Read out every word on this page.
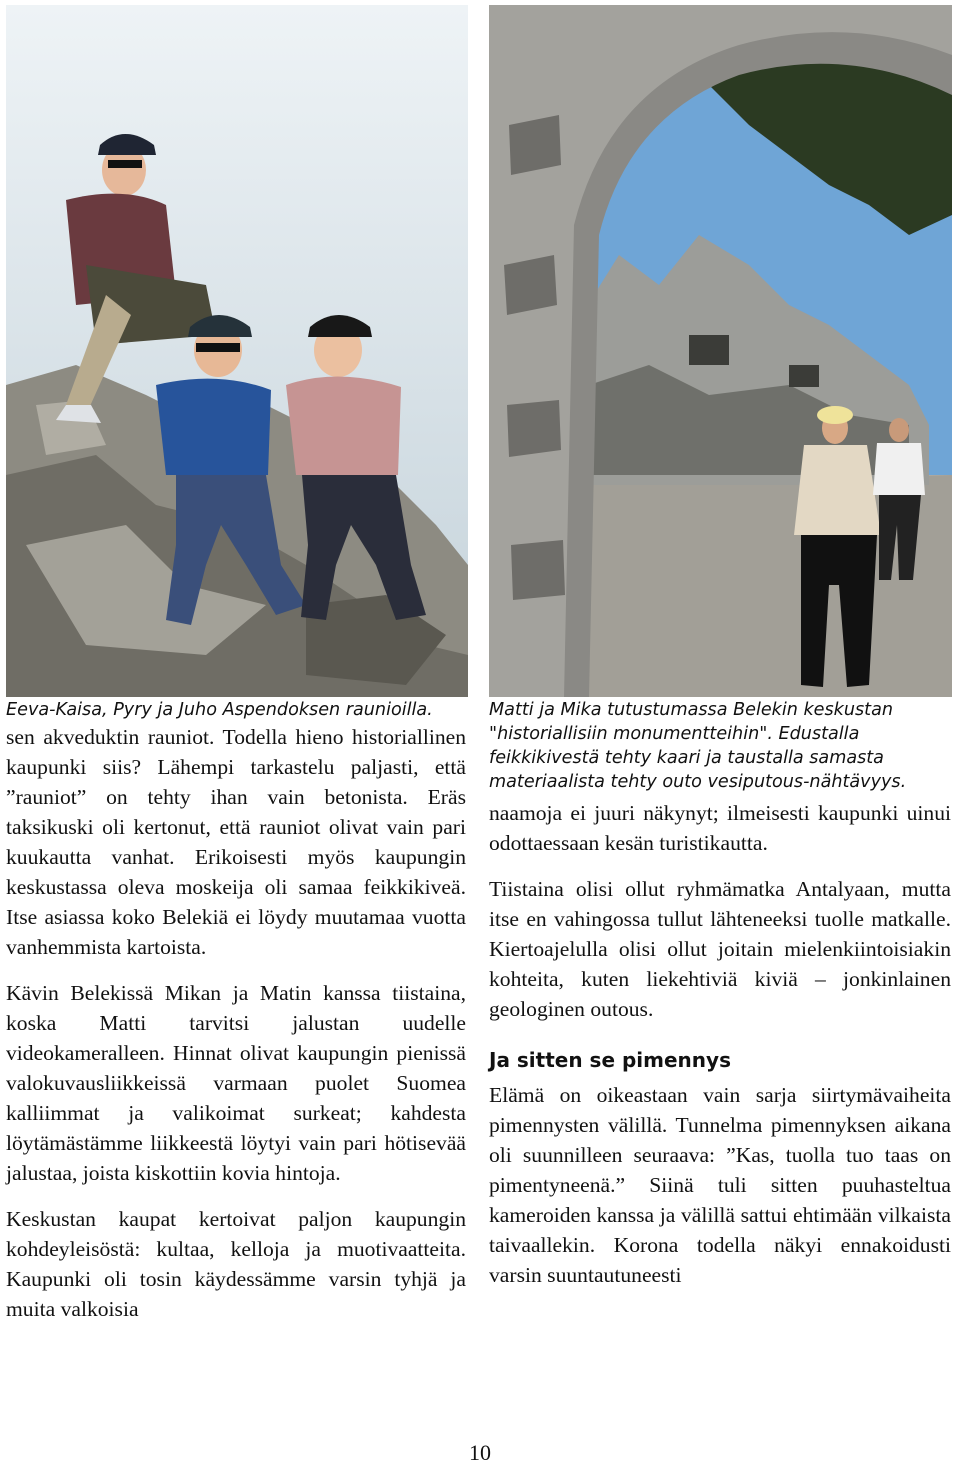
Eeva-Kaisa, Pyry ja Juho Aspendoksen raunioilla.

sen akveduktin rauniot. Todella hieno historiallinen kaupunki siis? Lähempi tarkastelu paljasti, että ”rauniot” on tehty ihan vain betonista. Eräs taksikuski oli kertonut, että rauniot olivat vain pari kuukautta vanhat. Erikoisesti myös kaupungin keskustassa oleva moskeija oli samaa feikkikiveä. Itse asiassa koko Belekiä ei löydy muutamaa vuotta vanhemmista kartoista.

Kävin Belekissä Mikan ja Matin kanssa tiistaina, koska Matti tarvitsi jalustan uudelle videokameralleen. Hinnat olivat kaupungin pienissä valokuvausliikkeissä varmaan puolet Suomea kalliimmat ja valikoimat surkeat; kahdesta löytämästämme liikkeestä löytyi vain pari hötisevää jalustaa, joista kiskottiin kovia hintoja.

Keskustan kaupat kertoivat paljon kaupungin kohdeyleisöstä: kultaa, kelloja ja muotivaatteita. Kaupunki oli tosin käydessämme varsin tyhjä ja muita valkoisia

Matti ja Mika tutustumassa Belekin keskustan "historiallisiin monumentteihin". Edustalla feikkikivestä tehty kaari ja taustalla samasta materiaalista tehty outo vesiputous-nähtävyys.

naamoja ei juuri näkynyt; ilmeisesti kaupunki uinui odottaessaan kesän turistikautta.

Tiistaina olisi ollut ryhmämatka Antalyaan, mutta itse en vahingossa tullut lähteneeksi tuolle matkalle. Kiertoajelulla olisi ollut joitain mielenkiintoisiakin kohteita, kuten liekehtiviä kiviä – jonkinlainen geologinen outous.

Ja sitten se pimennys

Elämä on oikeastaan vain sarja siirtymävaiheita pimennysten välillä. Tunnelma pimennyksen aikana oli suunnilleen seuraava: ”Kas, tuolla tuo taas on pimentyneenä.” Siinä tuli sitten puuhasteltua kameroiden kanssa ja välillä sattui ehtimään vilkaista taivaallekin. Korona todella näkyi ennakoidusti varsin suuntautuneesti

10
